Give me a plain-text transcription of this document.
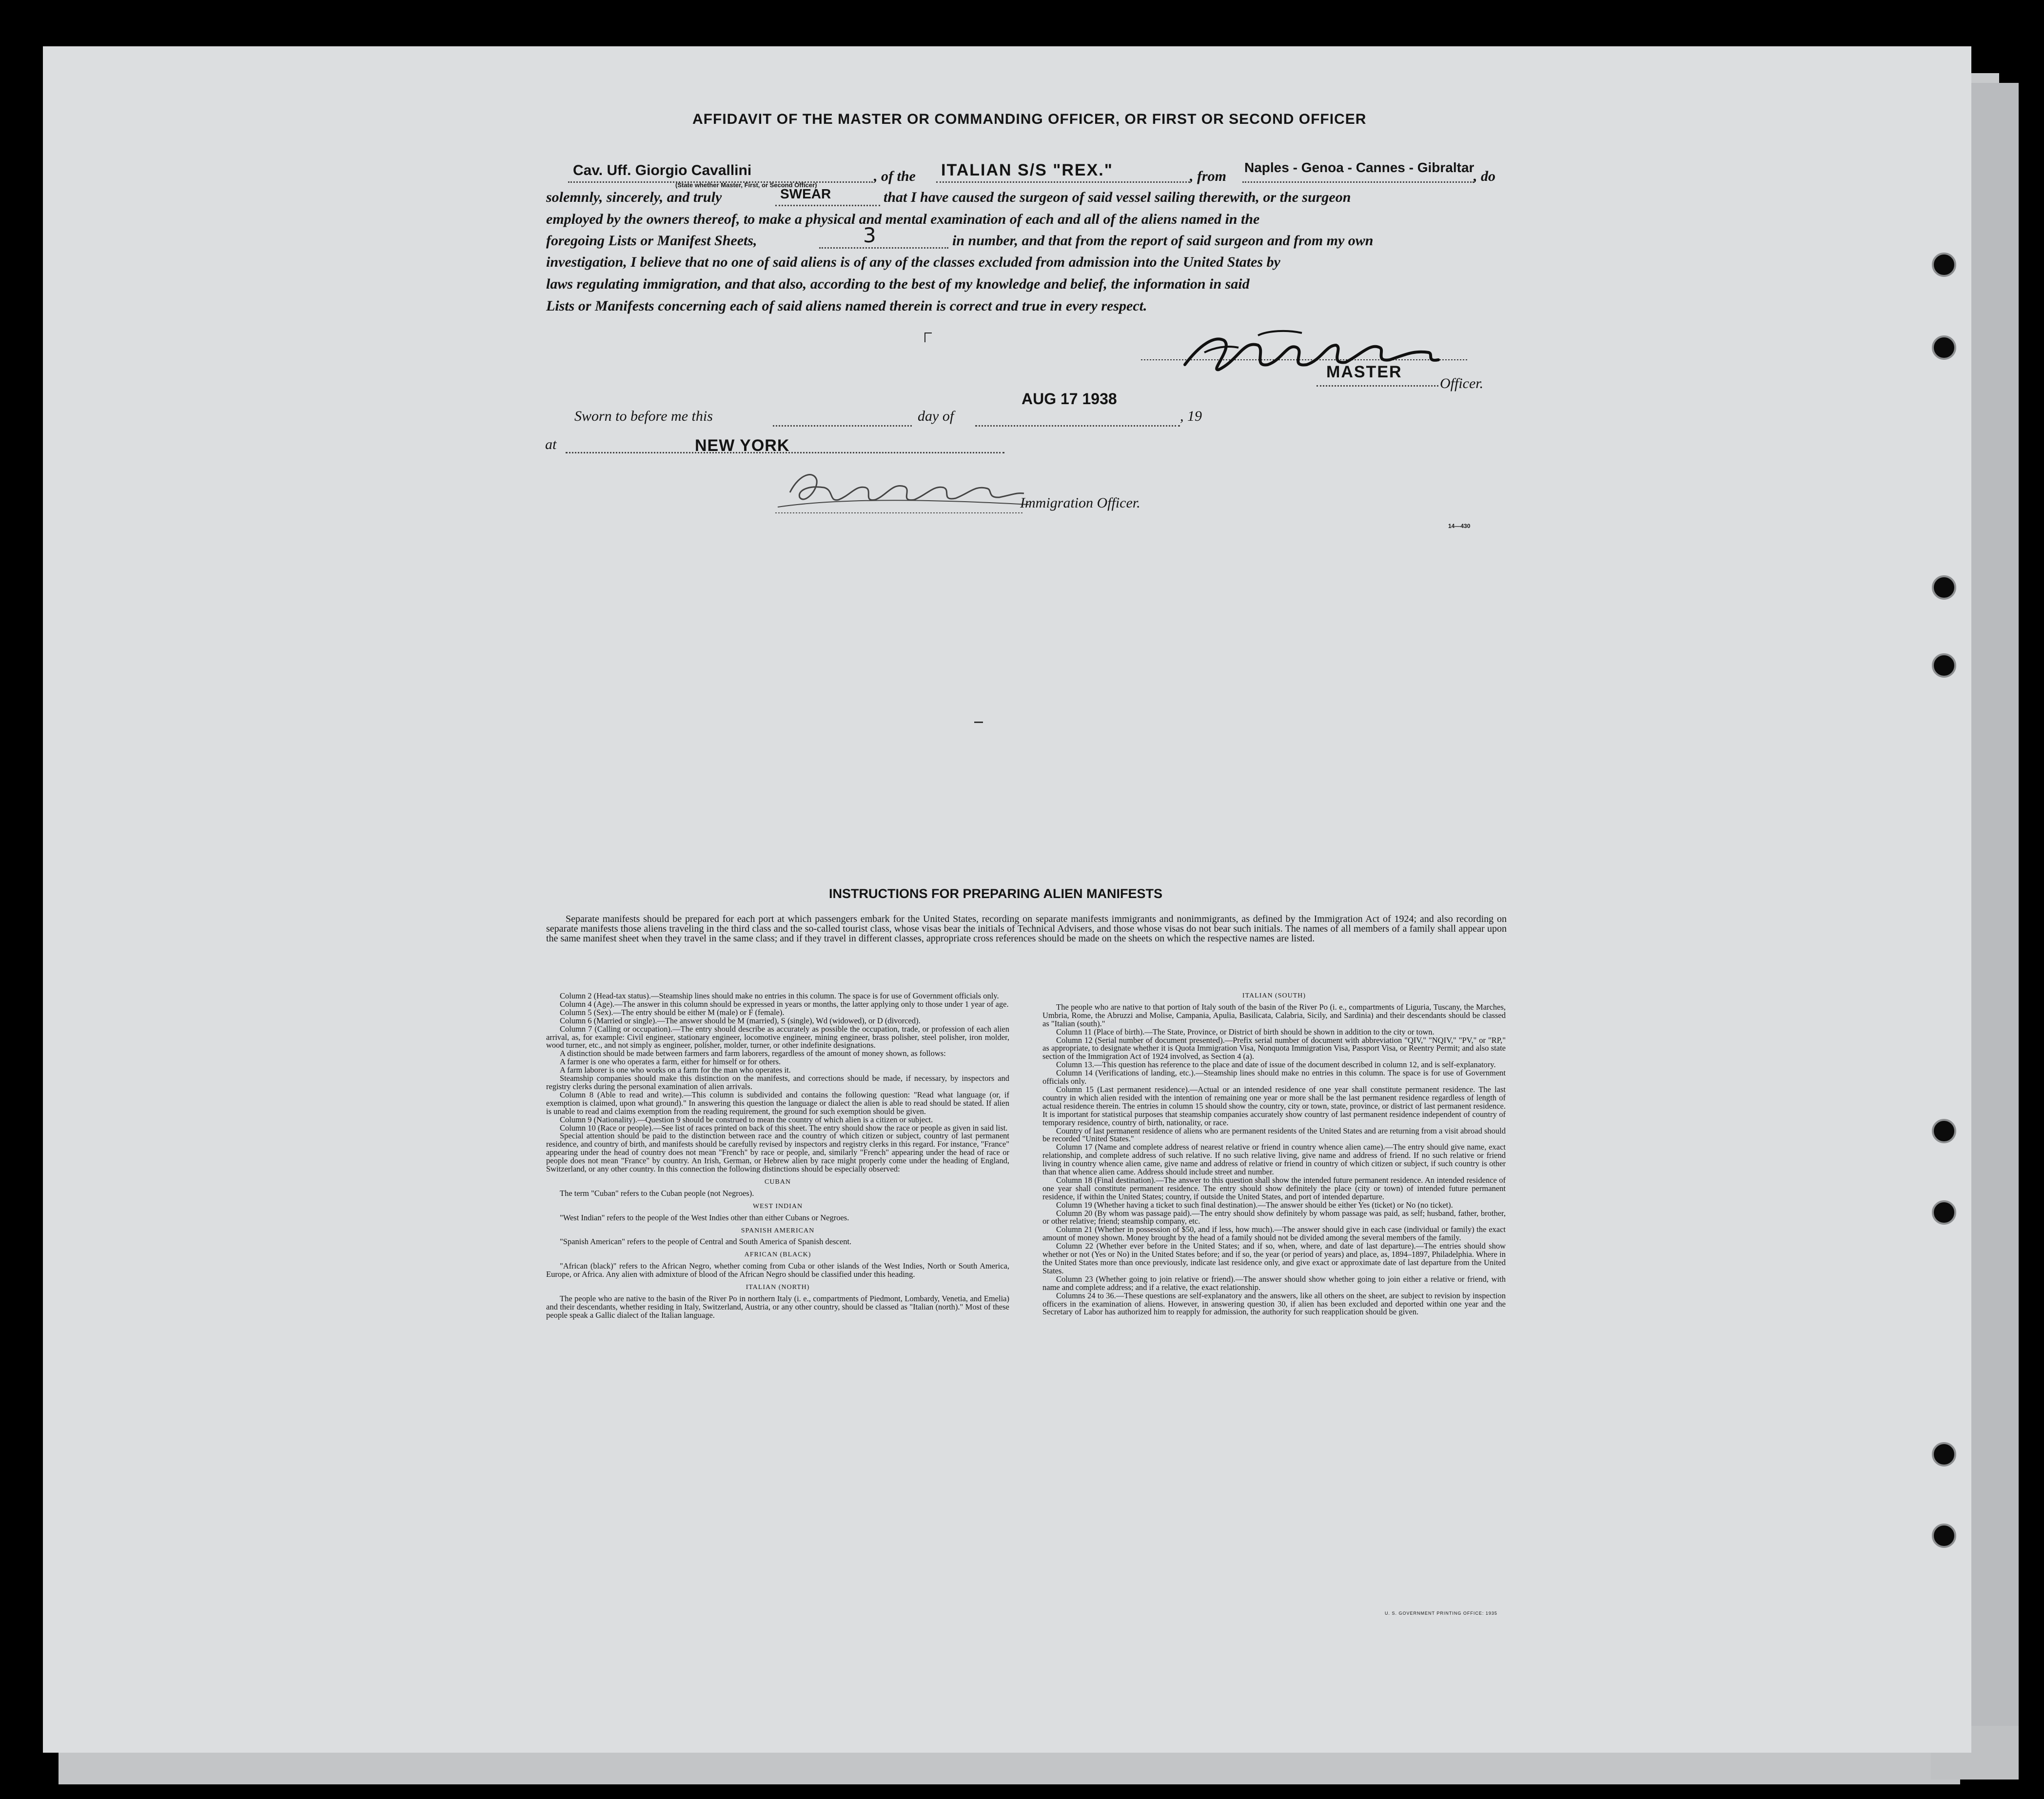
AFFIDAVIT OF THE MASTER OR COMMANDING OFFICER, OR FIRST OR SECOND OFFICER
Cav. Uff. Giorgio Cavallini
(State whether Master, First, or Second Officer)
, of the ITALIAN S/S "REX."	, from
Naples - Genoa - Cannes - Gibraltar
, do
solemnly, sincerely, and truly	SWEAR	that I have caused the surgeon of said vessel sailing therewith, or the surgeon
employed by the owners thereof, to make a physical and mental examination of each and all of the aliens named in the
foregoing Lists or Manifest Sheets,	3	in number, and that from the report of said surgeon and from my own
investigation, I believe that no one of said aliens is of any of the classes excluded from admission into the United States by
laws regulating immigration, and that also, according to the best of my knowledge and belief, the information in said
Lists or Manifests concerning each of said aliens named therein is correct and true in every respect.
MASTER
Officer.
Sworn to before me this	day of
AUG 17 1938
, 19
at	NEW YORK
Immigration Officer.
14—430
INSTRUCTIONS FOR PREPARING ALIEN MANIFESTS
Separate manifests should be prepared for each port at which passengers embark for the United States, recording on separate manifests immigrants and nonimmigrants, as defined by the Immigration Act of 1924; and also recording on separate manifests those aliens traveling in the third class and the so-called tourist class, whose visas bear the initials of Technical Advisers, and those whose visas do not bear such initials. The names of all members of a family shall appear upon the same manifest sheet when they travel in the same class; and if they travel in different classes, appropriate cross references should be made on the sheets on which the respective names are listed.

Column 2 (Head-tax status).—Steamship lines should make no entries in this column. The space is for use of Government officials only.

Column 4 (Age).—The answer in this column should be expressed in years or months, the latter applying only to those under 1 year of age.

Column 5 (Sex).—The entry should be either M (male) or F (female).

Column 6 (Married or single).—The answer should be M (married), S (single), Wd (widowed), or D (divorced).

Column 7 (Calling or occupation).—The entry should describe as accurately as possible the occupation, trade, or profession of each alien arrival, as, for example: Civil engineer, stationary engineer, locomotive engineer, mining engineer, brass polisher, steel polisher, iron molder, wood turner, etc., and not simply as engineer, polisher, molder, turner, or other indefinite designations.

A distinction should be made between farmers and farm laborers, regardless of the amount of money shown, as follows:

A farmer is one who operates a farm, either for himself or for others.

A farm laborer is one who works on a farm for the man who operates it.

Steamship companies should make this distinction on the manifests, and corrections should be made, if necessary, by inspectors and registry clerks during the personal examination of alien arrivals.

Column 8 (Able to read and write).—This column is subdivided and contains the following question: "Read what language (or, if exemption is claimed, upon what ground)." In answering this question the language or dialect the alien is able to read should be stated. If alien is unable to read and claims exemption from the reading requirement, the ground for such exemption should be given.

Column 9 (Nationality).—Question 9 should be construed to mean the country of which alien is a citizen or subject.

Column 10 (Race or people).—See list of races printed on back of this sheet. The entry should show the race or people as given in said list.

Special attention should be paid to the distinction between race and the country of which citizen or subject, country of last permanent residence, and country of birth, and manifests should be carefully revised by inspectors and registry clerks in this regard. For instance, "France" appearing under the head of country does not mean "French" by race or people, and, similarly "French" appearing under the head of race or people does not mean "France" by country. An Irish, German, or Hebrew alien by race might properly come under the heading of England, Switzerland, or any other country. In this connection the following distinctions should be especially observed:

CUBAN

The term "Cuban" refers to the Cuban people (not Negroes).

WEST INDIAN

"West Indian" refers to the people of the West Indies other than either Cubans or Negroes.

SPANISH AMERICAN

"Spanish American" refers to the people of Central and South America of Spanish descent.

AFRICAN (BLACK)

"African (black)" refers to the African Negro, whether coming from Cuba or other islands of the West Indies, North or South America, Europe, or Africa. Any alien with admixture of blood of the African Negro should be classified under this heading.

ITALIAN (NORTH)

The people who are native to the basin of the River Po in northern Italy (i. e., compartments of Piedmont, Lombardy, Venetia, and Emelia) and their descendants, whether residing in Italy, Switzerland, Austria, or any other country, should be classed as "Italian (north)." Most of these people speak a Gallic dialect of the Italian language.

ITALIAN (SOUTH)

The people who are native to that portion of Italy south of the basin of the River Po (i. e., compartments of Liguria, Tuscany, the Marches, Umbria, Rome, the Abruzzi and Molise, Campania, Apulia, Basilicata, Calabria, Sicily, and Sardinia) and their descendants should be classed as "Italian (south)."

Column 11 (Place of birth).—The State, Province, or District of birth should be shown in addition to the city or town.

Column 12 (Serial number of document presented).—Prefix serial number of document with abbreviation "QIV," "NQIV," "PV," or "RP," as appropriate, to designate whether it is Quota Immigration Visa, Nonquota Immigration Visa, Passport Visa, or Reentry Permit; and also state section of the Immigration Act of 1924 involved, as Section 4 (a).

Column 13.—This question has reference to the place and date of issue of the document described in column 12, and is self-explanatory.

Column 14 (Verifications of landing, etc.).—Steamship lines should make no entries in this column. The space is for use of Government officials only.

Column 15 (Last permanent residence).—Actual or an intended residence of one year shall constitute permanent residence. The last country in which alien resided with the intention of remaining one year or more shall be the last permanent residence regardless of length of actual residence therein. The entries in column 15 should show the country, city or town, state, province, or district of last permanent residence. It is important for statistical purposes that steamship companies accurately show country of last permanent residence independent of country of temporary residence, country of birth, nationality, or race.

Country of last permanent residence of aliens who are permanent residents of the United States and are returning from a visit abroad should be recorded "United States."

Column 17 (Name and complete address of nearest relative or friend in country whence alien came).—The entry should give name, exact relationship, and complete address of such relative. If no such relative living, give name and address of friend. If no such relative or friend living in country whence alien came, give name and address of relative or friend in country of which citizen or subject, if such country is other than that whence alien came. Address should include street and number.

Column 18 (Final destination).—The answer to this question shall show the intended future permanent residence. An intended residence of one year shall constitute permanent residence. The entry should show definitely the place (city or town) of intended future permanent residence, if within the United States; country, if outside the United States, and port of intended departure.

Column 19 (Whether having a ticket to such final destination).—The answer should be either Yes (ticket) or No (no ticket).

Column 20 (By whom was passage paid).—The entry should show definitely by whom passage was paid, as self; husband, father, brother, or other relative; friend; steamship company, etc.

Column 21 (Whether in possession of $50, and if less, how much).—The answer should give in each case (individual or family) the exact amount of money shown. Money brought by the head of a family should not be divided among the several members of the family.

Column 22 (Whether ever before in the United States; and if so, when, where, and date of last departure).—The entries should show whether or not (Yes or No) in the United States before; and if so, the year (or period of years) and place, as, 1894–1897, Philadelphia. Where in the United States more than once previously, indicate last residence only, and give exact or approximate date of last departure from the United States.

Column 23 (Whether going to join relative or friend).—The answer should show whether going to join either a relative or friend, with name and complete address; and if a relative, the exact relationship.

Columns 24 to 36.—These questions are self-explanatory and the answers, like all others on the sheet, are subject to revision by inspection officers in the examination of aliens. However, in answering question 30, if alien has been excluded and deported within one year and the Secretary of Labor has authorized him to reapply for admission, the authority for such reapplication should be given.

U. S. GOVERNMENT PRINTING OFFICE: 1935
